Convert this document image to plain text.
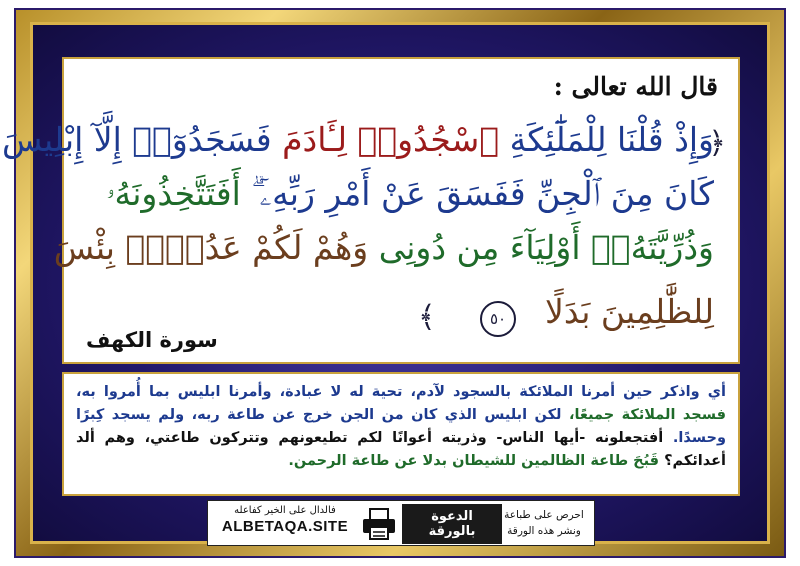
قال الله تعالى :

﴿

وَإِذْ قُلْنَا لِلْمَلَٰٓئِكَةِ ٱسْجُدُوا۟ لِـَٔادَمَ فَسَجَدُوٓا۟ إِلَّآ إِبْلِيسَ

كَانَ مِنَ ٱلْجِنِّ فَفَسَقَ عَنْ أَمْرِ رَبِّهِۦٓ ۗ أَفَتَتَّخِذُونَهُۥ

وَذُرِّيَّتَهُۥٓ أَوْلِيَآءَ مِن دُونِى وَهُمْ لَكُمْ عَدُوٌّۢ بِئْسَ

لِلظَّٰلِمِينَ بَدَلًا

٥٠
﴾

سورة الكهف

أي واذكر حين أمرنا الملائكة بالسجود لآدم، تحية له لا عبادة، وأمرنا ابليس بما أُمروا به، فسجد الملائكة جميعًا، لكن ابليس الذي كان من الجن خرج عن طاعة ربه، ولم يسجد كِبرًا وحسدًا. أفتجعلونه -أيها الناس- وذريته أعوانًا لكم تطيعونهم وتتركون طاعتي، وهم ألد أعدائكم؟ قَبُحَ طاعة الظالمين للشيطان بدلا عن طاعة الرحمن.

فالدال على الخير كفاعله
ALBETAQA.SITE
الدعوة
بالورقة
احرص على طباعة
ونشر هذه الورقة
